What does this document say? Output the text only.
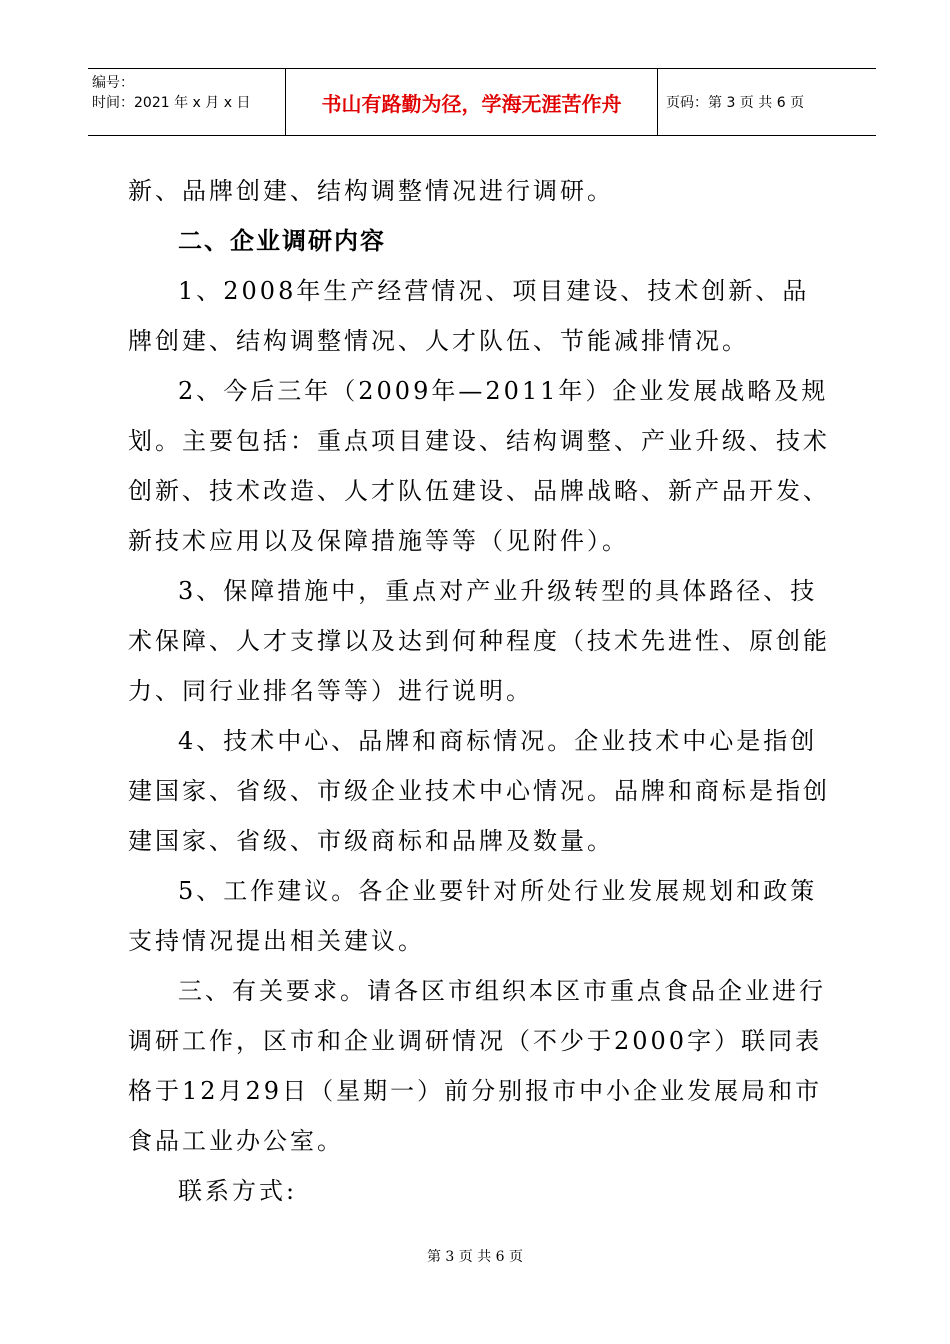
编号：
时间：2021 年 x 月 x 日	书山有路勤为径，学海无涯苦作舟	页码：第 3 页 共 6 页

新、品牌创建、结构调整情况进行调研。

二、企业调研内容

1、2008年生产经营情况、项目建设、技术创新、品牌创建、结构调整情况、人才队伍、节能减排情况。

2、今后三年（2009年—2011年）企业发展战略及规划。主要包括：重点项目建设、结构调整、产业升级、技术创新、技术改造、人才队伍建设、品牌战略、新产品开发、新技术应用以及保障措施等等（见附件）。

3、保障措施中，重点对产业升级转型的具体路径、技术保障、人才支撑以及达到何种程度（技术先进性、原创能力、同行业排名等等）进行说明。

4、技术中心、品牌和商标情况。企业技术中心是指创建国家、省级、市级企业技术中心情况。品牌和商标是指创建国家、省级、市级商标和品牌及数量。

5、工作建议。各企业要针对所处行业发展规划和政策支持情况提出相关建议。

三、有关要求。请各区市组织本区市重点食品企业进行调研工作，区市和企业调研情况（不少于2000字）联同表格于12月29日（星期一）前分别报市中小企业发展局和市食品工业办公室。

联系方式:

第 3 页 共 6 页
